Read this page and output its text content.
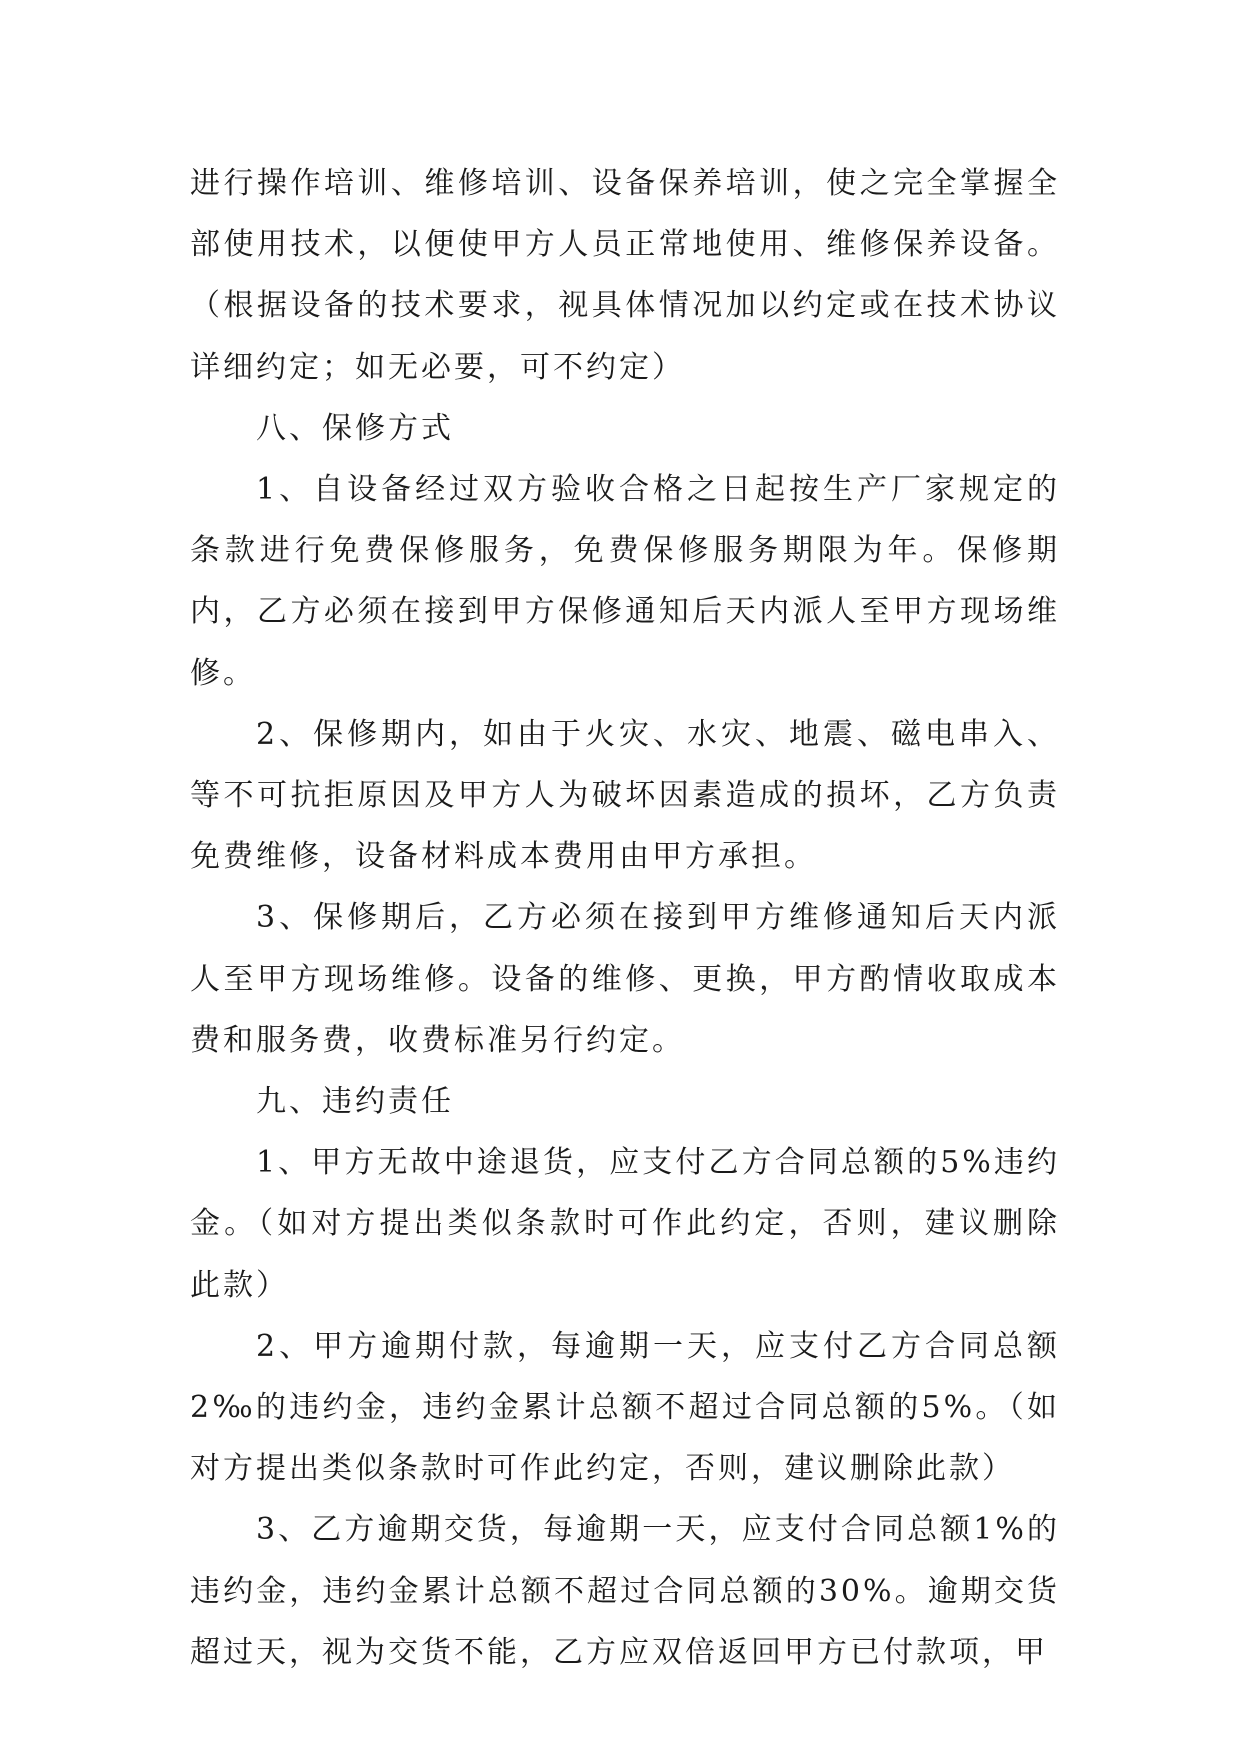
进行操作培训、维修培训、设备保养培训，使之完全掌握全部使用技术，以便使甲方人员正常地使用、维修保养设备。（根据设备的技术要求，视具体情况加以约定或在技术协议详细约定；如无必要，可不约定）

八、保修方式

1、自设备经过双方验收合格之日起按生产厂家规定的条款进行免费保修服务，免费保修服务期限为年。保修期内，乙方必须在接到甲方保修通知后天内派人至甲方现场维修。

2、保修期内，如由于火灾、水灾、地震、磁电串入、等不可抗拒原因及甲方人为破坏因素造成的损坏，乙方负责免费维修，设备材料成本费用由甲方承担。

3、保修期后，乙方必须在接到甲方维修通知后天内派人至甲方现场维修。设备的维修、更换，甲方酌情收取成本费和服务费，收费标准另行约定。

九、违约责任

1、甲方无故中途退货，应支付乙方合同总额的5%违约金。（如对方提出类似条款时可作此约定，否则，建议删除此款）

2、甲方逾期付款，每逾期一天，应支付乙方合同总额2‰的违约金，违约金累计总额不超过合同总额的5%。（如对方提出类似条款时可作此约定，否则，建议删除此款）

3、乙方逾期交货，每逾期一天，应支付合同总额1%的违约金，违约金累计总额不超过合同总额的30%。逾期交货超过天，视为交货不能，乙方应双倍返回甲方已付款项，甲
